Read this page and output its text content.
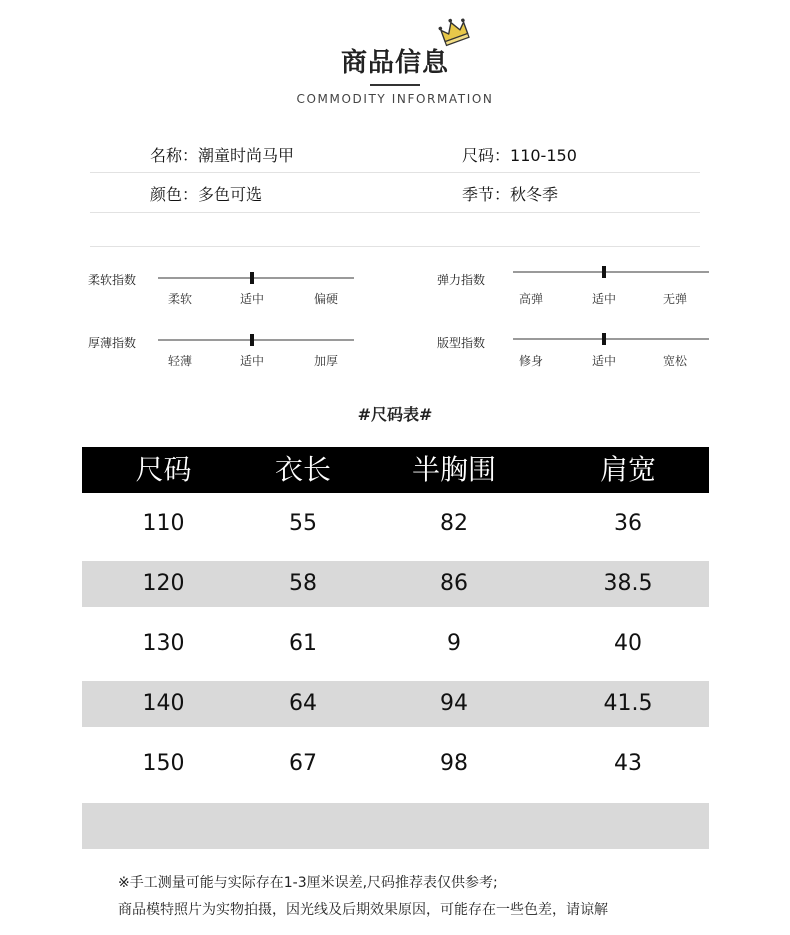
商品信息
COMMODITY INFORMATION
名称：潮童时尚马甲	尺码：110-150
颜色：多色可选	季节：秋冬季
柔软指数
柔软	适中	偏硬
弹力指数
高弹	适中	无弹
厚薄指数
轻薄	适中	加厚
版型指数
修身	适中	宽松
#尺码表#
尺码	衣长	半胸围	肩宽
110	55	82	36
120	58	86	38.5
130	61	9	40
140	64	94	41.5
150	67	98	43
※手工测量可能与实际存在1-3厘米误差,尺码推荐表仅供参考;
商品模特照片为实物拍摄，因光线及后期效果原因，可能存在一些色差，请谅解
